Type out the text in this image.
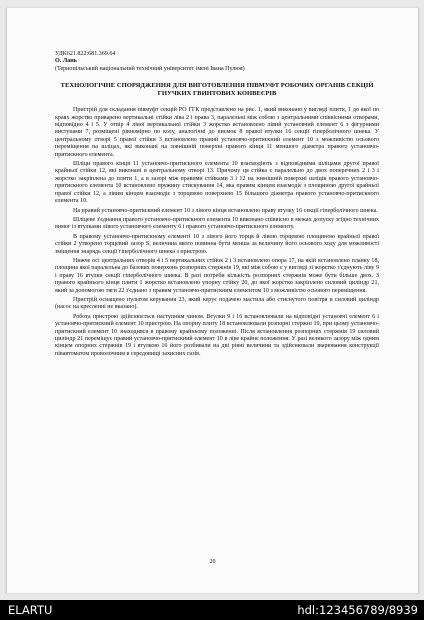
УДК621.822:681.369.64

О. Лань

(Тернопільський національний технічний університет імені Івана Пулюя)

ТЕХНОЛОГІЧНЕ СПОРЯДЖЕННЯ ДЛЯ ВИГОТОВЛЕННЯ ПІВМУФТ РОБОЧИХ ОРГАНІВ СЕКЦІЙ ГНУЧКИХ ГВИНТОВИХ КОНВЕЄРІВ

Пристрій для складання півмуфт секцій РО ГГК представлено на рис. 1, який виконано у вигляді плити, 1 до якої по краях жорстко приварено вертикальні стійки ліва 2 і права 3, паралельні між собою з центральними співвісними отворами, відповідно 4 і 5. У отвір 4 лівої вертикальної стійки 3 жорстко встановлено лівий установчий елемент 6 з фігурними виступами 7, розміщені рівномірно по колу, аналогічні до висмок 8 правої втулки 16 секції гіперболічного шнека. У центральному отворі 5 правої стійки 3 встановлено правий установчо-притискний елемент 10 з можливістю осьового переміщення на шліцах, які виконані на зовнішній поверхні правого кінця 11 меншого діаметра правого установчо-притискного елемента.

Шліци правого кінця 11 установчо-притискного елемента 10 взаємодіють з відповідними шліцами другої правої крайньої стійки 12, які виконані в центральному отворі 13. Причому ця стійка є паралельно до двох поперечних 2 і 3 і жорстко закріплена до плити 1, а в зазорі між правими стійками 3 і 12 на зовнішній поверхні шліців правого установчо-притискного елемента 10 встановлено пружину стискування 14, яка правим кінцем взаємодіє з площиною другої крайньої правої стійки 12, а лівим кінцем взаємодіє з торцевою поверхнею 15 більшого діаметра правого установчо-притискного елемента 10.

На правий установчо-притискний елемент 10 з лівого кінця встановлено праву втулку 16 секції гіперболічного шнека.

Шліцеве з'єднання правого установчо-притискного елемента 10 виконано співвісно в межах допуску згідно технічних вимог із втулками лівого установчого елементу 6 і правого установчо-притискного елементу.

В правому установчо-притискному елементі 10 з лівого його торця й лівою торцевою площиною крайньої правої стійки 2 утворено торцевий зазор S, величина якого повинна бути менша за величину його осьового ходу для можливості зміщення знарядь секції гіперболічного шнека з пристрою.

Нижче осі центральних отворів 4 і 5 вертикальних стійок 2 і 3 встановлено опора 17, на якій встановлено планку 18, площина якої паралельна до базових поверхонь розпорних стержнів 19, які між собою є у вигляді зі жорстко з'єднують ліву 9 і праву 16 втулки секції гіперболічного шнека. В разі потреби кількість розпорних стержнів може бути більше двох. З правого крайнього кінця плити 1 жорстко встановлено упорну стійку 20, до якої жорстко закріплено силовий циліндр 21, який за допомогою тяги 22 з'єднано з правим установчо-притискним елементом 10 з можливістю осьового переміщення.

Пристрій оснащено пультом керування 23, який керує подачею мастила або стиснутого повітря в силовий циліндр (насос на кресленні не вказано).

Робота пристрою здійснюється наступним чином. Втулки 9 і 16 встановлювали на відповідні установчі елемент 6 і установчо-притискний елемент 10 пристрою. На опорну плиту 18 встановлювали розпорні стержні 19, при цьому установчо-притискний елемент 10 знаходився в правому крайньому положенні. Після встановлення розпорних стержнів 19 силовий циліндр 21 переміщує правий установчо-притискний елемент 10 в ліве крайнє положення. У разі великого зазору між одним кінцем опорних стержнів 19 і втулкою 16 його розбивали на дві рівні величини та здійснювали зварювання конструкції півавтоматом проволочним в середовищі захисних газів.

20
ELARTU	hdl:123456789/8939
